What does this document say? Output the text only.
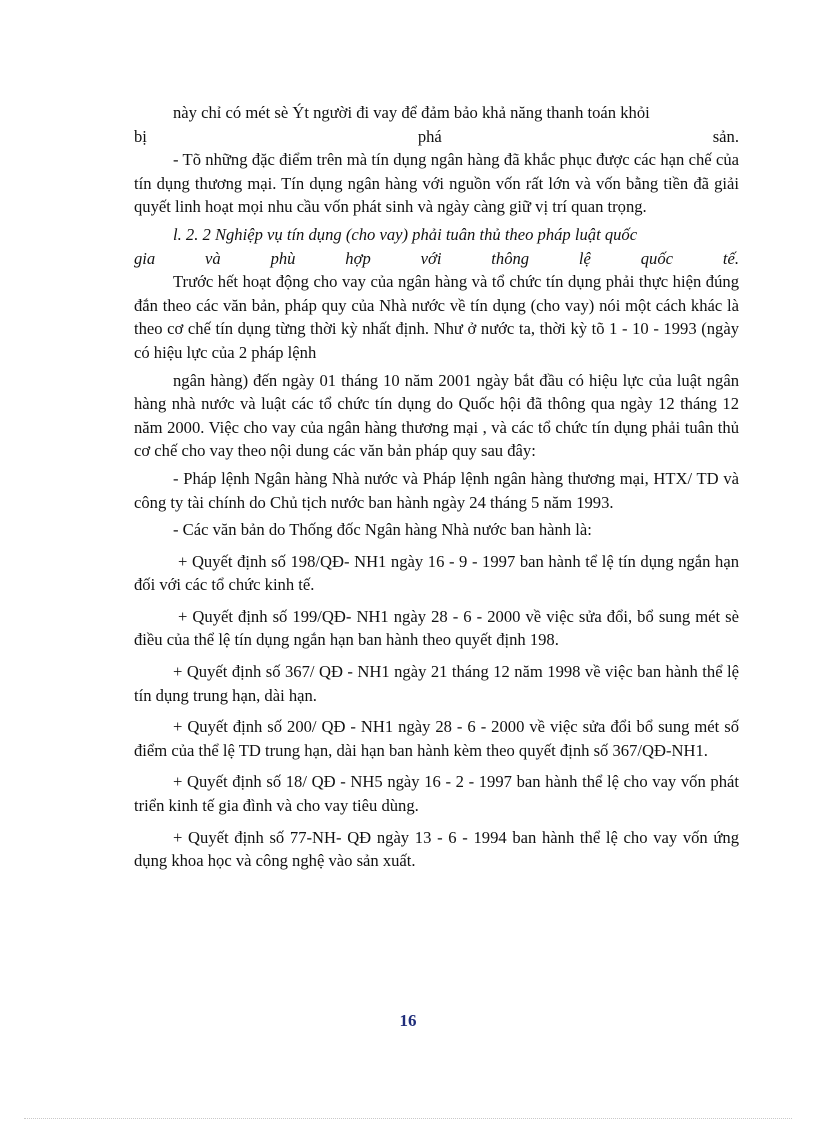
này chỉ có mét sè Ýt người đi vay để đảm bảo khả năng thanh toán khỏi

bị phá sản.

- Tõ những đặc điểm trên mà tín dụng ngân hàng đã khắc phục được các hạn chế của tín dụng thương mại. Tín dụng ngân hàng với nguồn vốn rất lớn và vốn bằng tiền đã giải quyết linh hoạt mọi nhu cầu vốn phát sinh và ngày càng giữ vị trí quan trọng.

l. 2. 2 Nghiệp vụ tín dụng (cho vay) phải tuân thủ theo pháp luật quốc

gia và phù hợp với thông lệ quốc tế.

Trước hết hoạt động cho vay của ngân hàng và tổ chức tín dụng phải thực hiện đúng đắn theo các văn bản, pháp quy của Nhà nước về tín dụng (cho vay) nói một cách khác là theo cơ chế tín dụng từng thời kỳ nhất định. Như ở nước ta, thời kỳ tõ 1 - 10 - 1993 (ngày có hiệu lực của 2 pháp lệnh

ngân hàng) đến ngày 01 tháng 10 năm 2001 ngày bắt đầu có hiệu lực của luật ngân hàng nhà nước và luật các tổ chức tín dụng do Quốc hội đã thông qua ngày 12 tháng 12 năm 2000. Việc cho vay của ngân hàng thương mại , và các tổ chức tín dụng phải tuân thủ cơ chế cho vay theo nội dung các văn bản pháp quy sau đây:

- Pháp lệnh Ngân hàng Nhà nước và Pháp lệnh ngân hàng thương mại, HTX/ TD và công ty tài chính do Chủ tịch nước ban hành ngày 24 tháng 5 năm 1993.

- Các văn bản do Thống đốc Ngân hàng Nhà nước ban hành là:

+ Quyết định số 198/QĐ- NH1 ngày 16 - 9 - 1997 ban hành tể lệ tín dụng ngắn hạn đối với các tổ chức kinh tế.

+ Quyết định số 199/QĐ- NH1 ngày 28 - 6 - 2000 về việc sửa đổi, bổ sung mét sè điều của thể lệ tín dụng ngắn hạn ban hành theo quyết định 198.

+ Quyết định số 367/ QĐ - NH1 ngày 21 tháng 12 năm 1998 về việc ban hành thể lệ tín dụng trung hạn, dài hạn.

+ Quyết định số 200/ QĐ - NH1 ngày 28 - 6 - 2000 về việc sửa đổi bổ sung mét số điểm của thể lệ TD trung hạn, dài hạn ban hành kèm theo quyết định số 367/QĐ-NH1.

+ Quyết định số 18/ QĐ - NH5 ngày 16 - 2 - 1997 ban hành thể lệ cho vay vốn phát triển kinh tế gia đình và cho vay tiêu dùng.

+ Quyết định số 77-NH- QĐ ngày 13 - 6 - 1994 ban hành thể lệ cho vay vốn ứng dụng khoa học và công nghệ vào sản xuất.

16
